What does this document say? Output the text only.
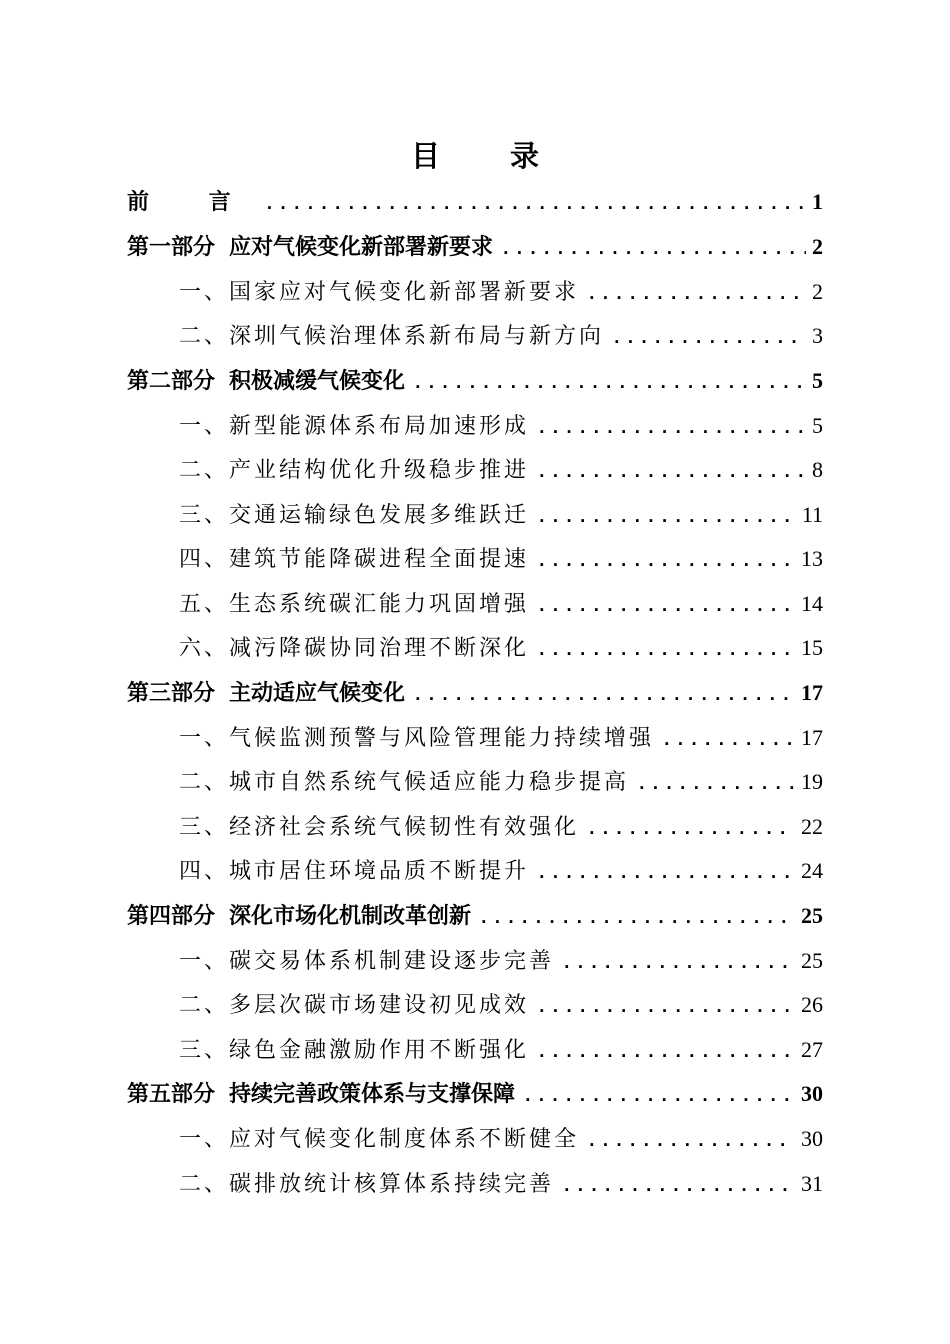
目 录
前 言 .....	1
第一部分 应对气候变化新部署新要求 .....	2
一、国家应对气候变化新部署新要求 .....	2
二、深圳气候治理体系新布局与新方向 .....	3
第二部分 积极减缓气候变化 .....	5
一、新型能源体系布局加速形成 .....	5
二、产业结构优化升级稳步推进 .....	8
三、交通运输绿色发展多维跃迁 .....	11
四、建筑节能降碳进程全面提速 .....	13
五、生态系统碳汇能力巩固增强 .....	14
六、减污降碳协同治理不断深化 .....	15
第三部分 主动适应气候变化 .....	17
一、气候监测预警与风险管理能力持续增强 .....	17
二、城市自然系统气候适应能力稳步提高 .....	19
三、经济社会系统气候韧性有效强化 .....	22
四、城市居住环境品质不断提升 .....	24
第四部分 深化市场化机制改革创新 .....	25
一、碳交易体系机制建设逐步完善 .....	25
二、多层次碳市场建设初见成效 .....	26
三、绿色金融激励作用不断强化 .....	27
第五部分 持续完善政策体系与支撑保障 .....	30
一、应对气候变化制度体系不断健全 .....	30
二、碳排放统计核算体系持续完善 .....	31
